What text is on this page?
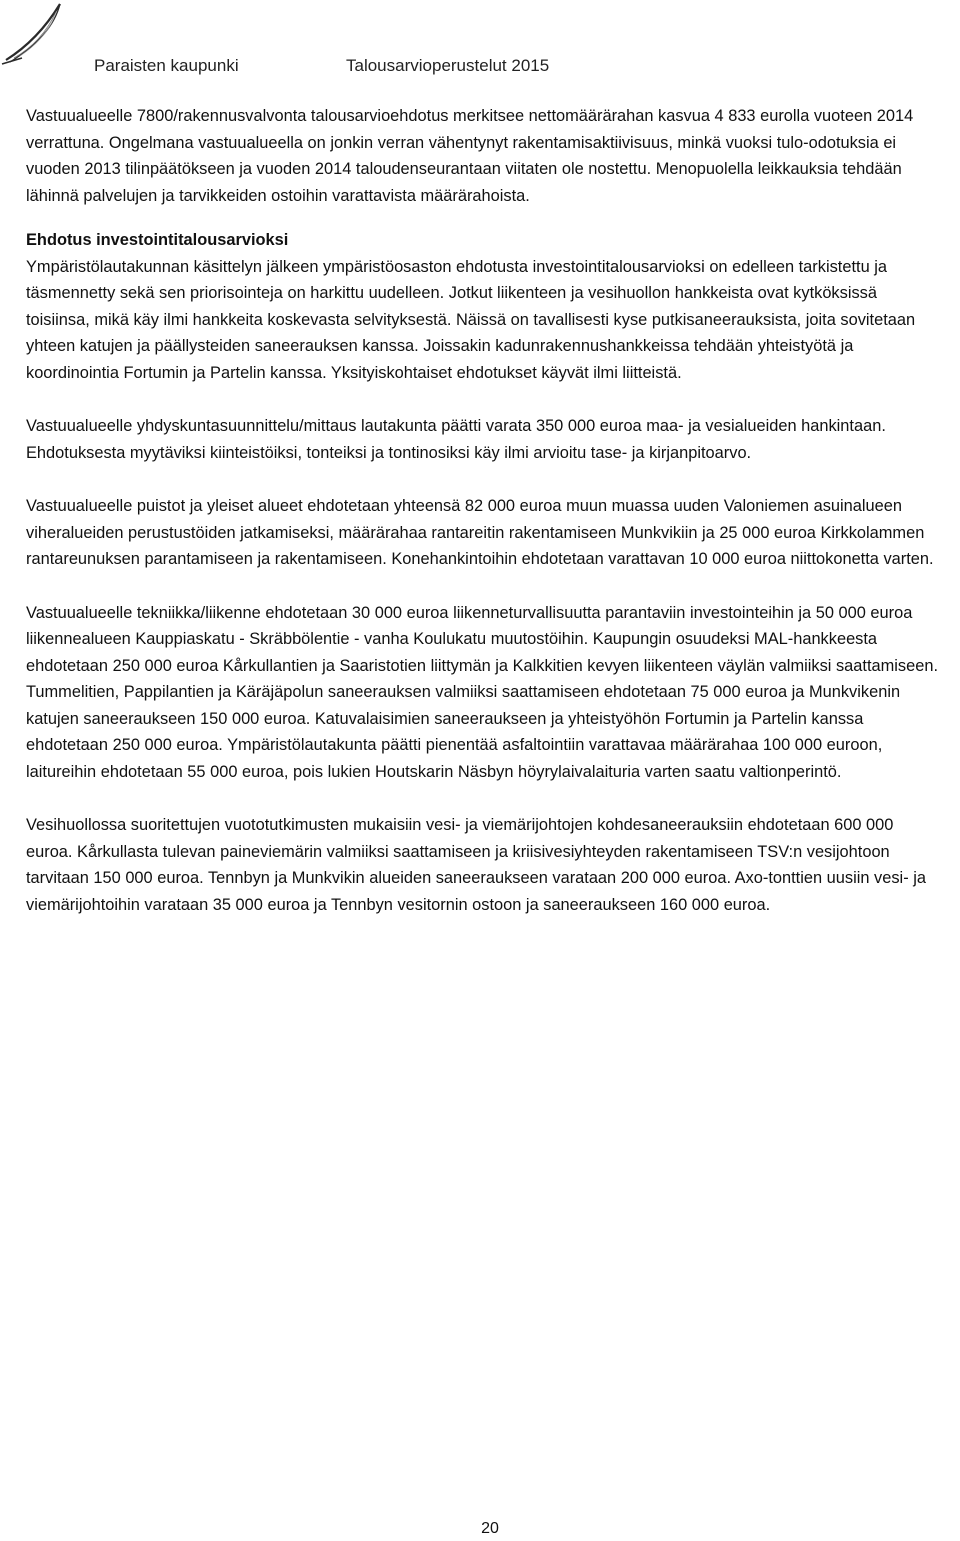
Paraisten kaupunki	Talousarvioperustelut 2015

Vastuualueelle 7800/rakennusvalvonta talousarvioehdotus merkitsee nettomäärärahan kasvua 4 833 eurolla vuoteen 2014 verrattuna. Ongelmana vastuualueella on jonkin verran vähentynyt rakentamisaktiivisuus, minkä vuoksi tulo-odotuksia ei vuoden 2013 tilinpäätökseen ja vuoden 2014 taloudenseurantaan viitaten ole nostettu. Menopuolella leikkauksia tehdään lähinnä palvelujen ja tarvikkeiden ostoihin varattavista määrärahoista.

Ehdotus investointitalousarvioksi

Ympäristölautakunnan käsittelyn jälkeen ympäristöosaston ehdotusta investointitalousarvioksi on edelleen tarkistettu ja täsmennetty sekä sen priorisointeja on harkittu uudelleen. Jotkut liikenteen ja vesihuollon hankkeista ovat kytköksissä toisiinsa, mikä käy ilmi hankkeita koskevasta selvityksestä. Näissä on tavallisesti kyse putkisaneerauksista, joita sovitetaan yhteen katujen ja päällysteiden saneerauksen kanssa. Joissakin kadunrakennushankkeissa tehdään yhteistyötä ja koordinointia Fortumin ja Partelin kanssa. Yksityiskohtaiset ehdotukset käyvät ilmi liitteistä.

Vastuualueelle yhdyskuntasuunnittelu/mittaus lautakunta päätti varata 350 000 euroa maa- ja vesialueiden hankintaan. Ehdotuksesta myytäviksi kiinteistöiksi, tonteiksi ja tontinosiksi käy ilmi arvioitu tase- ja kirjanpitoarvo.

Vastuualueelle puistot ja yleiset alueet ehdotetaan yhteensä 82 000 euroa muun muassa uuden Valoniemen asuinalueen viheralueiden perustustöiden jatkamiseksi, määrärahaa rantareitin rakentamiseen Munkvikiin ja 25 000 euroa Kirkkolammen rantareunuksen parantamiseen ja rakentamiseen. Konehankintoihin ehdotetaan varattavan 10 000 euroa niittokonetta varten.

Vastuualueelle tekniikka/liikenne ehdotetaan 30 000 euroa liikenneturvallisuutta parantaviin investointeihin ja 50 000 euroa liikennealueen Kauppiaskatu - Skräbbölentie - vanha Koulukatu muutostöihin. Kaupungin osuudeksi MAL-hankkeesta ehdotetaan 250 000 euroa Kårkullantien ja Saaristotien liittymän ja Kalkkitien kevyen liikenteen väylän valmiiksi saattamiseen. Tummelitien, Pappilantien ja Käräjäpolun saneerauksen valmiiksi saattamiseen ehdotetaan 75 000 euroa ja Munkvikenin katujen saneeraukseen 150 000 euroa. Katuvalaisimien saneeraukseen ja yhteistyöhön Fortumin ja Partelin kanssa ehdotetaan 250 000 euroa. Ympäristölautakunta päätti pienentää asfaltointiin varattavaa määrärahaa 100 000 euroon, laitureihin ehdotetaan 55 000 euroa, pois lukien Houtskarin Näsbyn höyrylaivalaituria varten saatu valtionperintö.

Vesihuollossa suoritettujen vuototutkimusten mukaisiin vesi- ja viemärijohtojen kohdesaneerauksiin ehdotetaan 600 000 euroa. Kårkullasta tulevan paineviemärin valmiiksi saattamiseen ja kriisivesiyhteyden rakentamiseen TSV:n vesijohtoon tarvitaan 150 000 euroa. Tennbyn ja Munkvikin alueiden saneeraukseen varataan 200 000 euroa. Axo-tonttien uusiin vesi- ja viemärijohtoihin varataan 35 000 euroa ja Tennbyn vesitornin ostoon ja saneeraukseen 160 000 euroa.

20
